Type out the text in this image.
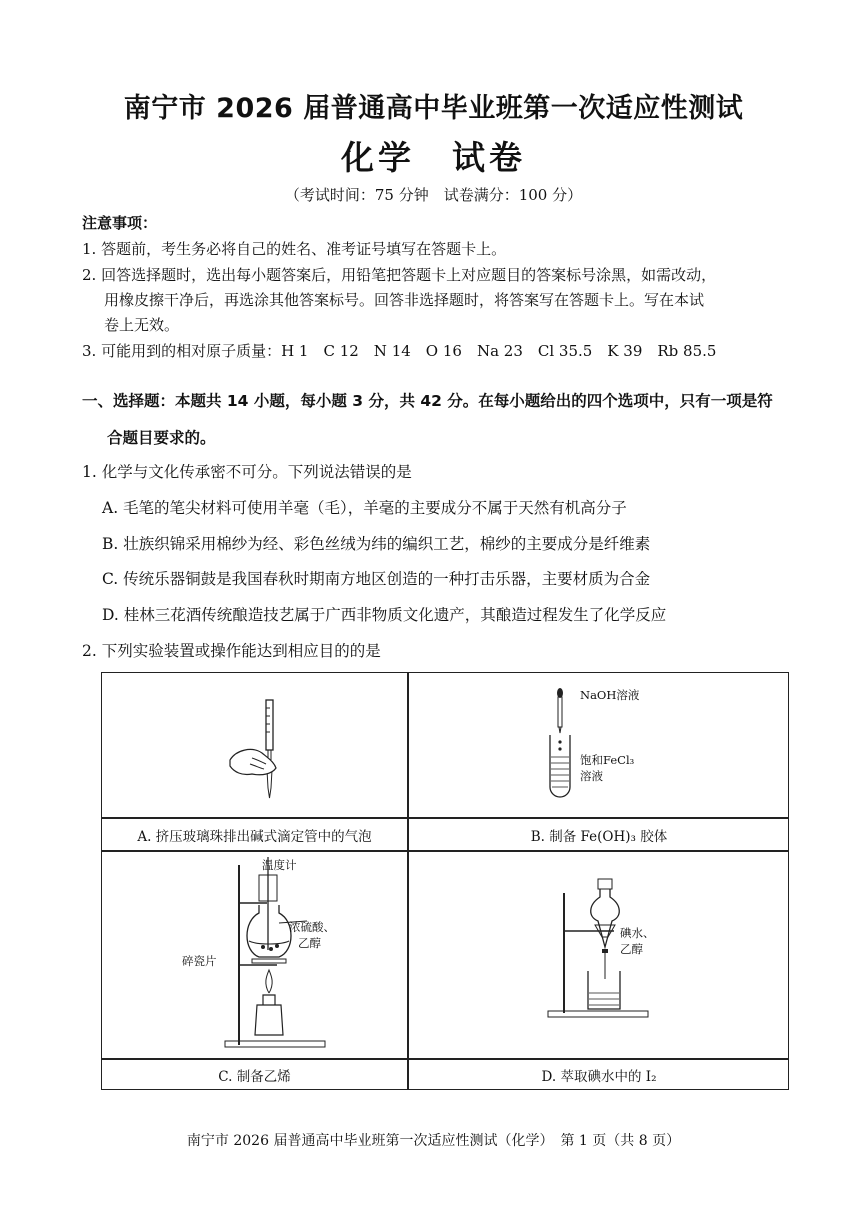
南宁市 2026 届普通高中毕业班第一次适应性测试
化学　试卷
（考试时间：75 分钟　试卷满分：100 分）
注意事项：
1. 答题前，考生务必将自己的姓名、准考证号填写在答题卡上。
2. 回答选择题时，选出每小题答案后，用铅笔把答题卡上对应题目的答案标号涂黑，如需改动，
用橡皮擦干净后，再选涂其他答案标号。回答非选择题时，将答案写在答题卡上。写在本试
卷上无效。
3. 可能用到的相对原子质量：H 1　C 12　N 14　O 16　Na 23　Cl 35.5　K 39　Rb 85.5
一、选择题：本题共 14 小题，每小题 3 分，共 42 分。在每小题给出的四个选项中，只有一项是符
合题目要求的。
1. 化学与文化传承密不可分。下列说法错误的是
A. 毛笔的笔尖材料可使用羊毫（毛），羊毫的主要成分不属于天然有机高分子
B. 壮族织锦采用棉纱为经、彩色丝绒为纬的编织工艺，棉纱的主要成分是纤维素
C. 传统乐器铜鼓是我国春秋时期南方地区创造的一种打击乐器，主要材质为合金
D. 桂林三花酒传统酿造技艺属于广西非物质文化遗产，其酿造过程发生了化学反应
2. 下列实验装置或操作能达到相应目的的是
A. 挤压玻璃珠排出碱式滴定管中的气泡
NaOH溶液
饱和FeCl₃
溶液
B. 制备 Fe(OH)₃ 胶体
温度计
浓硫酸、
乙醇
碎瓷片
C. 制备乙烯
碘水、
乙醇
D. 萃取碘水中的 I₂
南宁市 2026 届普通高中毕业班第一次适应性测试（化学）　第 1 页（共 8 页）
